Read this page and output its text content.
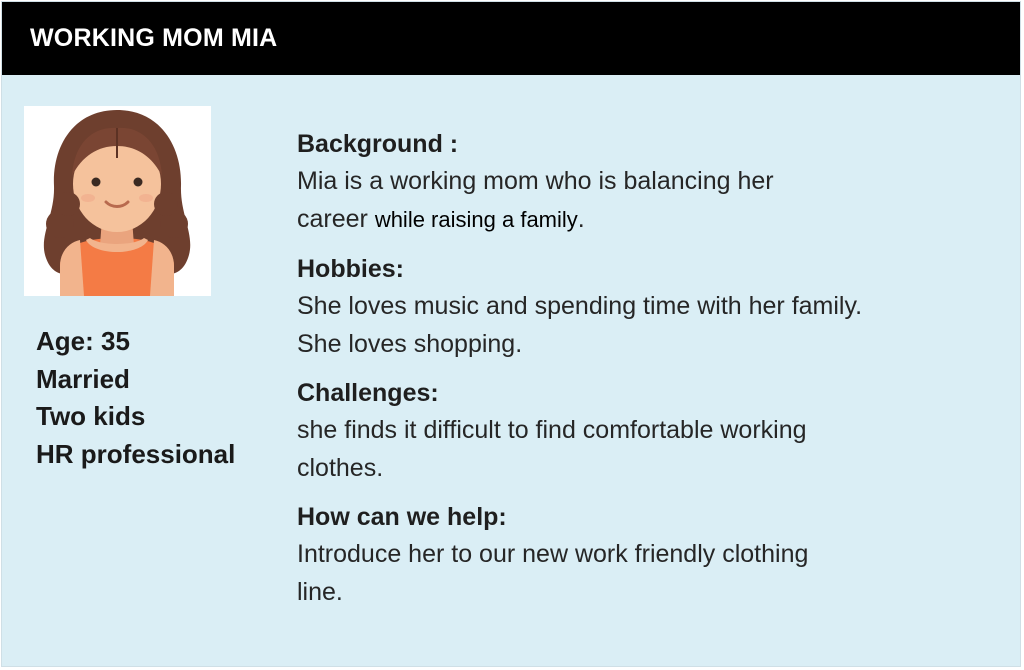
WORKING MOM MIA
Age: 35
Married
Two kids
HR professional
Background :
Mia is a working mom who is balancing her
career while raising a family.
Hobbies:
She loves music and spending time with her family.
She loves shopping.
Challenges:
she finds it difficult to find comfortable working
clothes.
How can we help:
Introduce her to our new work friendly clothing
line.
